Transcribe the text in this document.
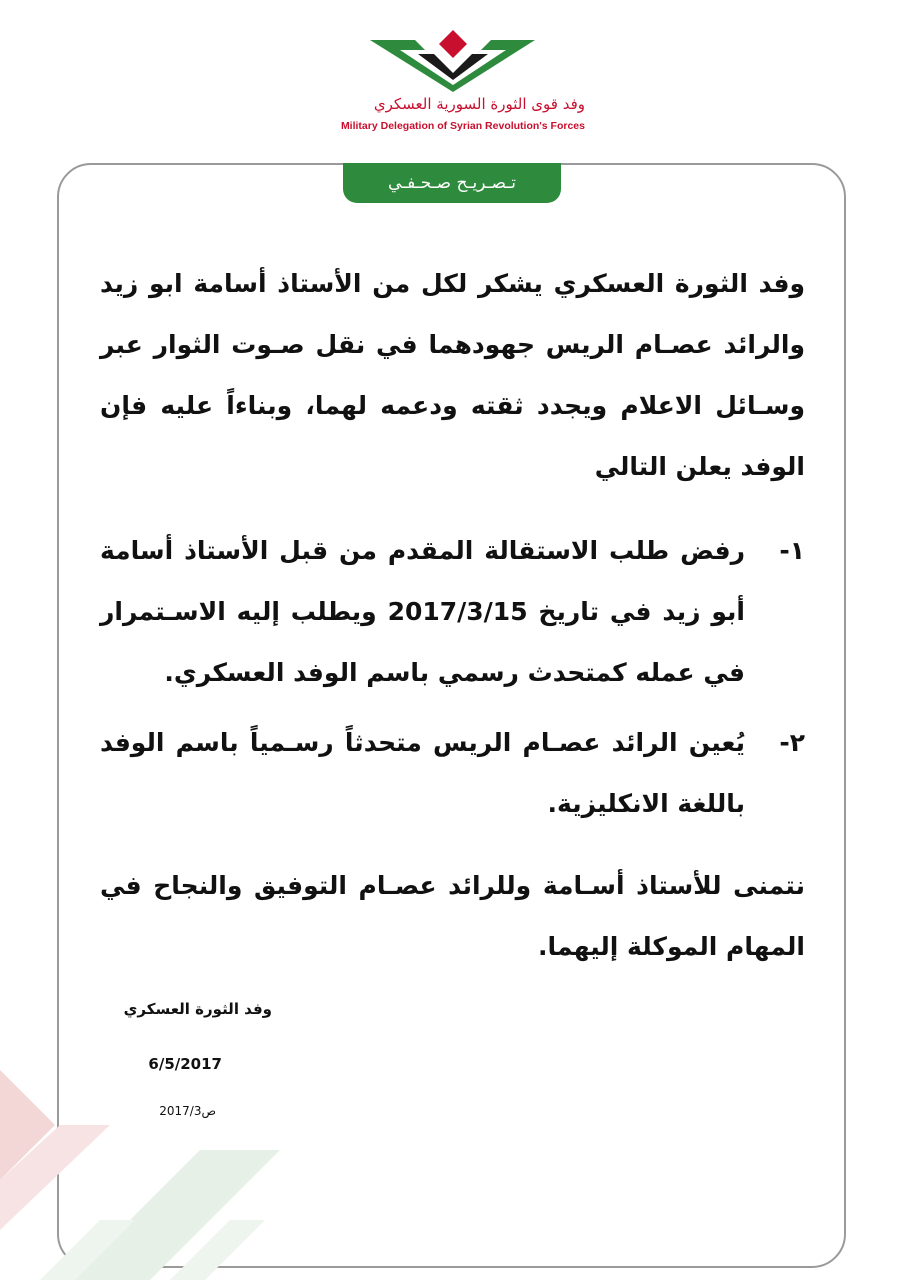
وفد قوى الثورة السورية العسكري
Military Delegation of Syrian Revolution's Forces
تـصـريـح صـحـفـي
وفد الثورة العسكري يشكر لكل من الأستاذ أسامة ابو زيد والرائد عصـام الريس جهودهما في نقل صـوت الثوار عبر وسـائل الاعلام ويجدد ثقته ودعمه لهما، وبناءاً عليه فإن الوفد يعلن التالي
١-
رفض طلب الاستقالة المقدم من قبل الأستاذ أسامة أبو زيد في تاريخ 2017/3/15 ويطلب إليه الاسـتمرار في عمله كمتحدث رسمي باسم الوفد العسكري.
٢-
يُعين الرائد عصـام الريس متحدثاً رسـمياً باسم الوفد باللغة الانكليزية.
نتمنى للأستاذ أسـامة وللرائد عصـام التوفيق والنجاح في المهام الموكلة إليهما.
وفد الثورة العسكري
6/5/2017
ص2017/3
